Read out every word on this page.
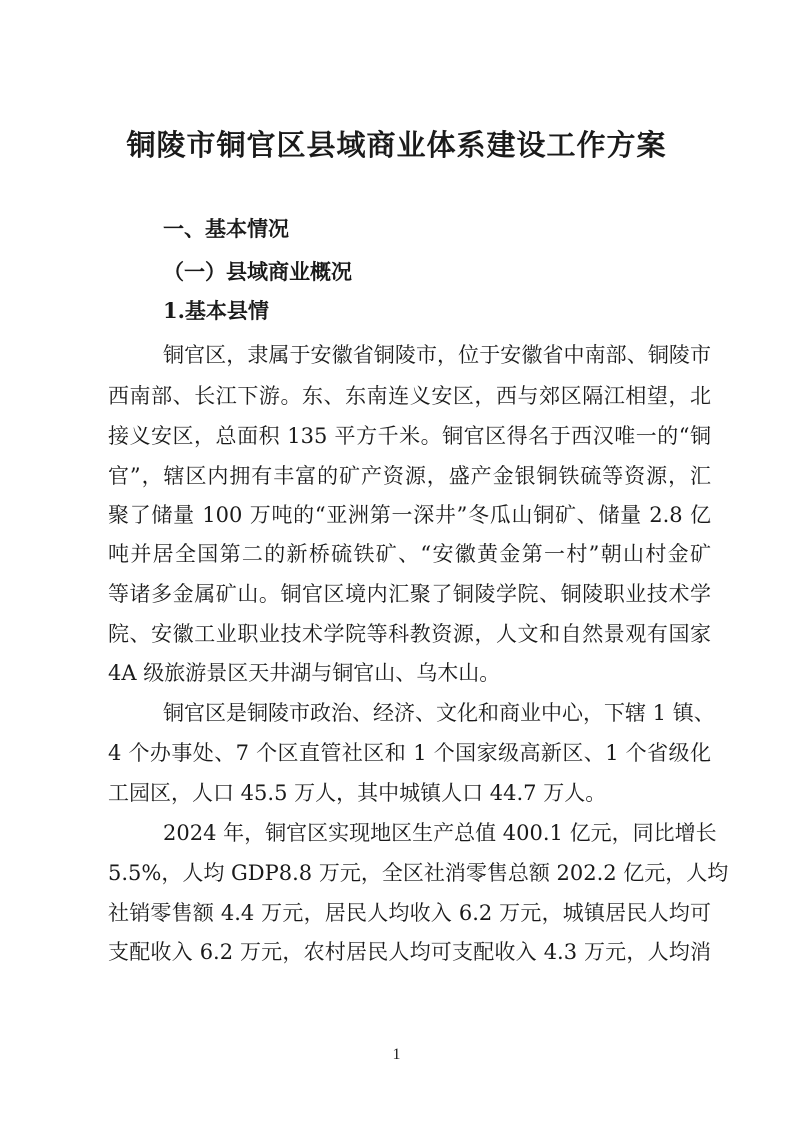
铜陵市铜官区县域商业体系建设工作方案

一、基本情况

（一）县域商业概况

1.基本县情

铜官区，隶属于安徽省铜陵市，位于安徽省中南部、铜陵市

西南部、长江下游。东、东南连义安区，西与郊区隔江相望，北

接义安区，总面积 135 平方千米。铜官区得名于西汉唯一的“铜

官”，辖区内拥有丰富的矿产资源，盛产金银铜铁硫等资源，汇

聚了储量 100 万吨的“亚洲第一深井”冬瓜山铜矿、储量 2.8 亿

吨并居全国第二的新桥硫铁矿、“安徽黄金第一村”朝山村金矿

等诸多金属矿山。铜官区境内汇聚了铜陵学院、铜陵职业技术学

院、安徽工业职业技术学院等科教资源，人文和自然景观有国家

4A 级旅游景区天井湖与铜官山、乌木山。

铜官区是铜陵市政治、经济、文化和商业中心，下辖 1 镇、

4 个办事处、7 个区直管社区和 1 个国家级高新区、1 个省级化

工园区，人口 45.5 万人，其中城镇人口 44.7 万人。

2024 年，铜官区实现地区生产总值 400.1 亿元，同比增长

5.5%，人均 GDP8.8 万元，全区社消零售总额 202.2 亿元，人均

社销零售额 4.4 万元，居民人均收入 6.2 万元，城镇居民人均可

支配收入 6.2 万元，农村居民人均可支配收入 4.3 万元，人均消

1
